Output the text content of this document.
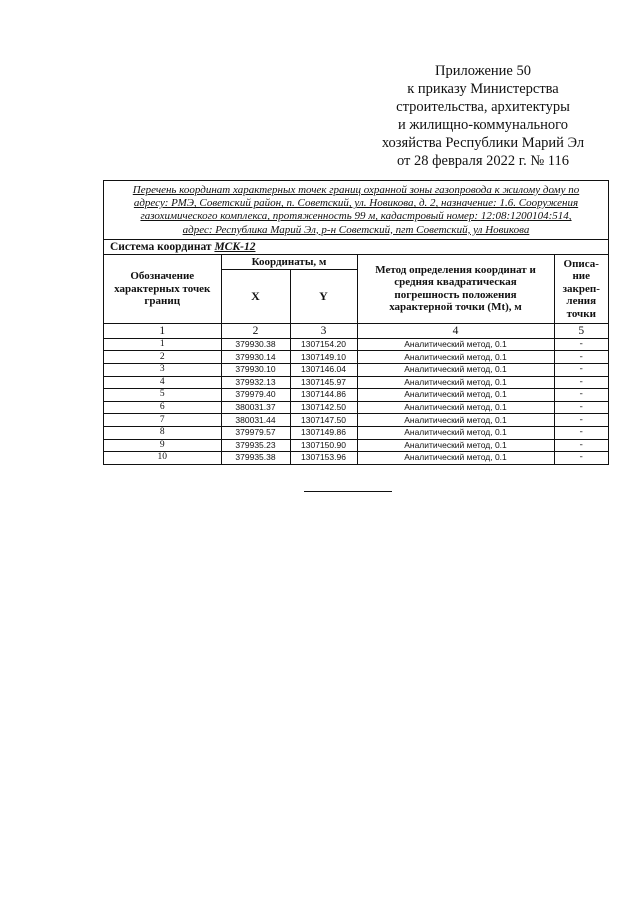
Приложение 50
к приказу Министерства
строительства, архитектуры
и жилищно-коммунального
хозяйства Республики Марий Эл
от 28 февраля 2022 г. № 116
Перечень координат характерных точек границ охранной зоны газопровода к жилому дому по
адресу: РМЭ, Советский район, п. Советский, ул. Новикова, д. 2, назначение: 1.6. Сооружения
газохимического комплекса, протяженность 99 м, кадастровый номер: 12:08:1200104:514,
адрес: Республика Марий Эл, р-н Советский, пгт Советский, ул Новикова
Система координат МСК-12
Обозначение характерных точек границ	Координаты, м		Метод определения координат и средняя квадратическая погрешность положения характерной точки (Mt), м	Описа-ние закреп-ления точки
	X	Y		
1	2	3	4	5
1	379930.38	1307154.20	Аналитический метод, 0.1	-
2	379930.14	1307149.10	Аналитический метод, 0.1	-
3	379930.10	1307146.04	Аналитический метод, 0.1	-
4	379932.13	1307145.97	Аналитический метод, 0.1	-
5	379979.40	1307144.86	Аналитический метод, 0.1	-
6	380031.37	1307142.50	Аналитический метод, 0.1	-
7	380031.44	1307147.50	Аналитический метод, 0.1	-
8	379979.57	1307149.86	Аналитический метод, 0.1	-
9	379935.23	1307150.90	Аналитический метод, 0.1	-
10	379935.38	1307153.96	Аналитический метод, 0.1	-
